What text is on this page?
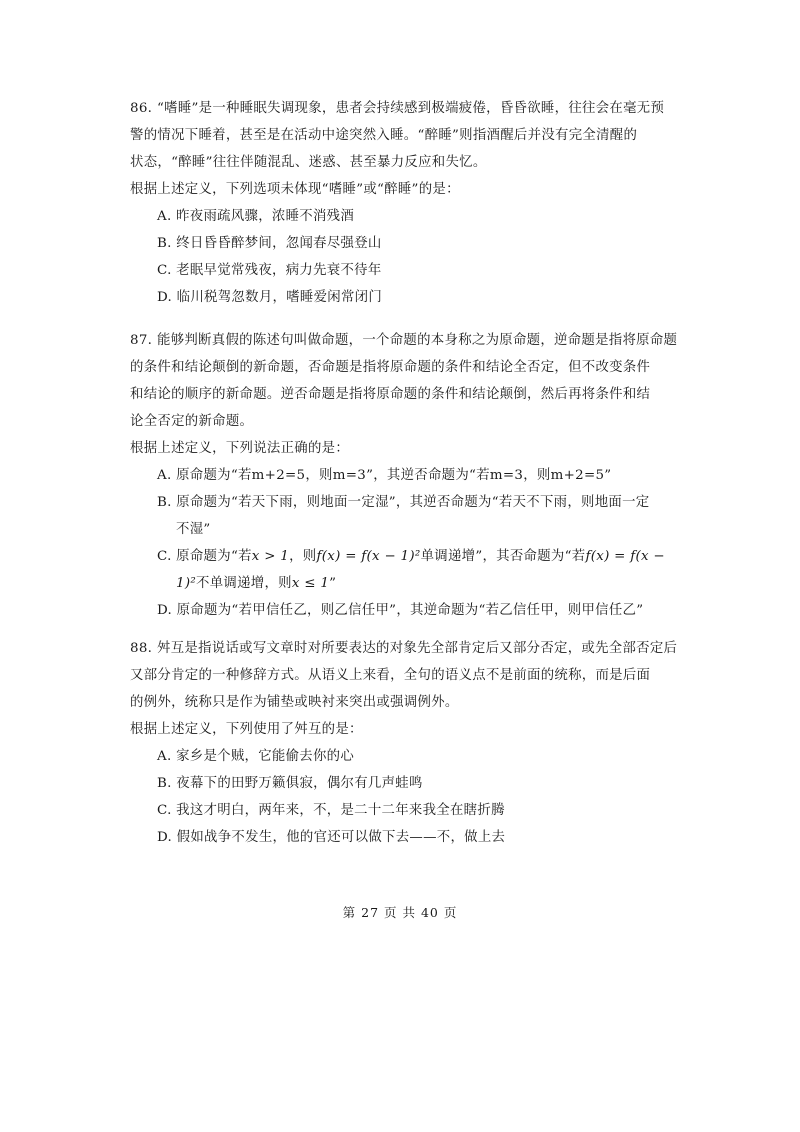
86. “嗜睡”是一种睡眠失调现象，患者会持续感到极端疲倦，昏昏欲睡，往往会在毫无预
警的情况下睡着，甚至是在活动中途突然入睡。“醉睡”则指酒醒后并没有完全清醒的
状态，“醉睡”往往伴随混乱、迷惑、甚至暴力反应和失忆。
根据上述定义，下列选项未体现“嗜睡”或“醉睡”的是：
A. 昨夜雨疏风骤，浓睡不消残酒
B. 终日昏昏醉梦间，忽闻春尽强登山
C. 老眠早觉常残夜，病力先衰不待年
D. 临川税驾忽数月，嗜睡爱闲常闭门
87. 能够判断真假的陈述句叫做命题，一个命题的本身称之为原命题，逆命题是指将原命题
的条件和结论颠倒的新命题，否命题是指将原命题的条件和结论全否定，但不改变条件
和结论的顺序的新命题。逆否命题是指将原命题的条件和结论颠倒，然后再将条件和结
论全否定的新命题。
根据上述定义，下列说法正确的是：
A. 原命题为“若m+2=5，则m=3”，其逆否命题为“若m=3，则m+2=5”
B. 原命题为“若天下雨，则地面一定湿”，其逆否命题为“若天不下雨，则地面一定
不湿”
C. 原命题为“若x > 1，则f(x) = f(x − 1)²单调递增”，其否命题为“若f(x) = f(x −
1)²不单调递增，则x ≤ 1”
D. 原命题为“若甲信任乙，则乙信任甲”，其逆命题为“若乙信任甲，则甲信任乙”
88. 舛互是指说话或写文章时对所要表达的对象先全部肯定后又部分否定，或先全部否定后
又部分肯定的一种修辞方式。从语义上来看，全句的语义点不是前面的统称，而是后面
的例外，统称只是作为铺垫或映衬来突出或强调例外。
根据上述定义，下列使用了舛互的是：
A. 家乡是个贼，它能偷去你的心
B. 夜幕下的田野万籁俱寂，偶尔有几声蛙鸣
C. 我这才明白，两年来，不，是二十二年来我全在瞎折腾
D. 假如战争不发生，他的官还可以做下去——不，做上去
第 27 页 共 40 页
